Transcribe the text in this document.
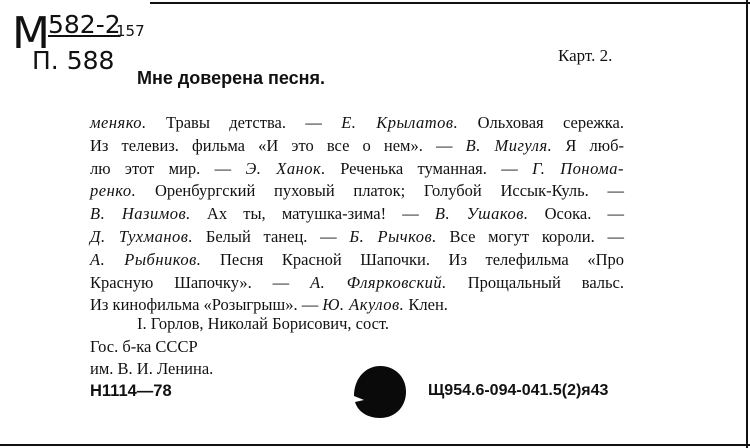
М 582-2
157
П. 588	Карт. 2.
Мне доверена песня.
меняко. Травы детства. — Е. Крылатов. Ольховая сережка.
Из телевиз. фильма «И это все о нем». — В. Мигуля. Я люб-
лю этот мир. — Э. Ханок. Реченька туманная. — Г. Понома-
ренко. Оренбургский пуховый платок; Голубой Иссык-Куль. —
В. Назимов. Ах ты, матушка-зима! — В. Ушаков. Осока. —
Д. Тухманов. Белый танец. — Б. Рычков. Все могут короли. —
А. Рыбников. Песня Красной Шапочки. Из телефильма «Про
Красную Шапочку». — А. Флярковский. Прощальный вальс.
Из кинофильма «Розыгрыш». — Ю. Акулов. Клен.
I. Горлов, Николай Борисович, сост.
Гос. б-ка СССР
им. В. И. Ленина.
Н1114—78	Щ954.6-094-041.5(2)я43
